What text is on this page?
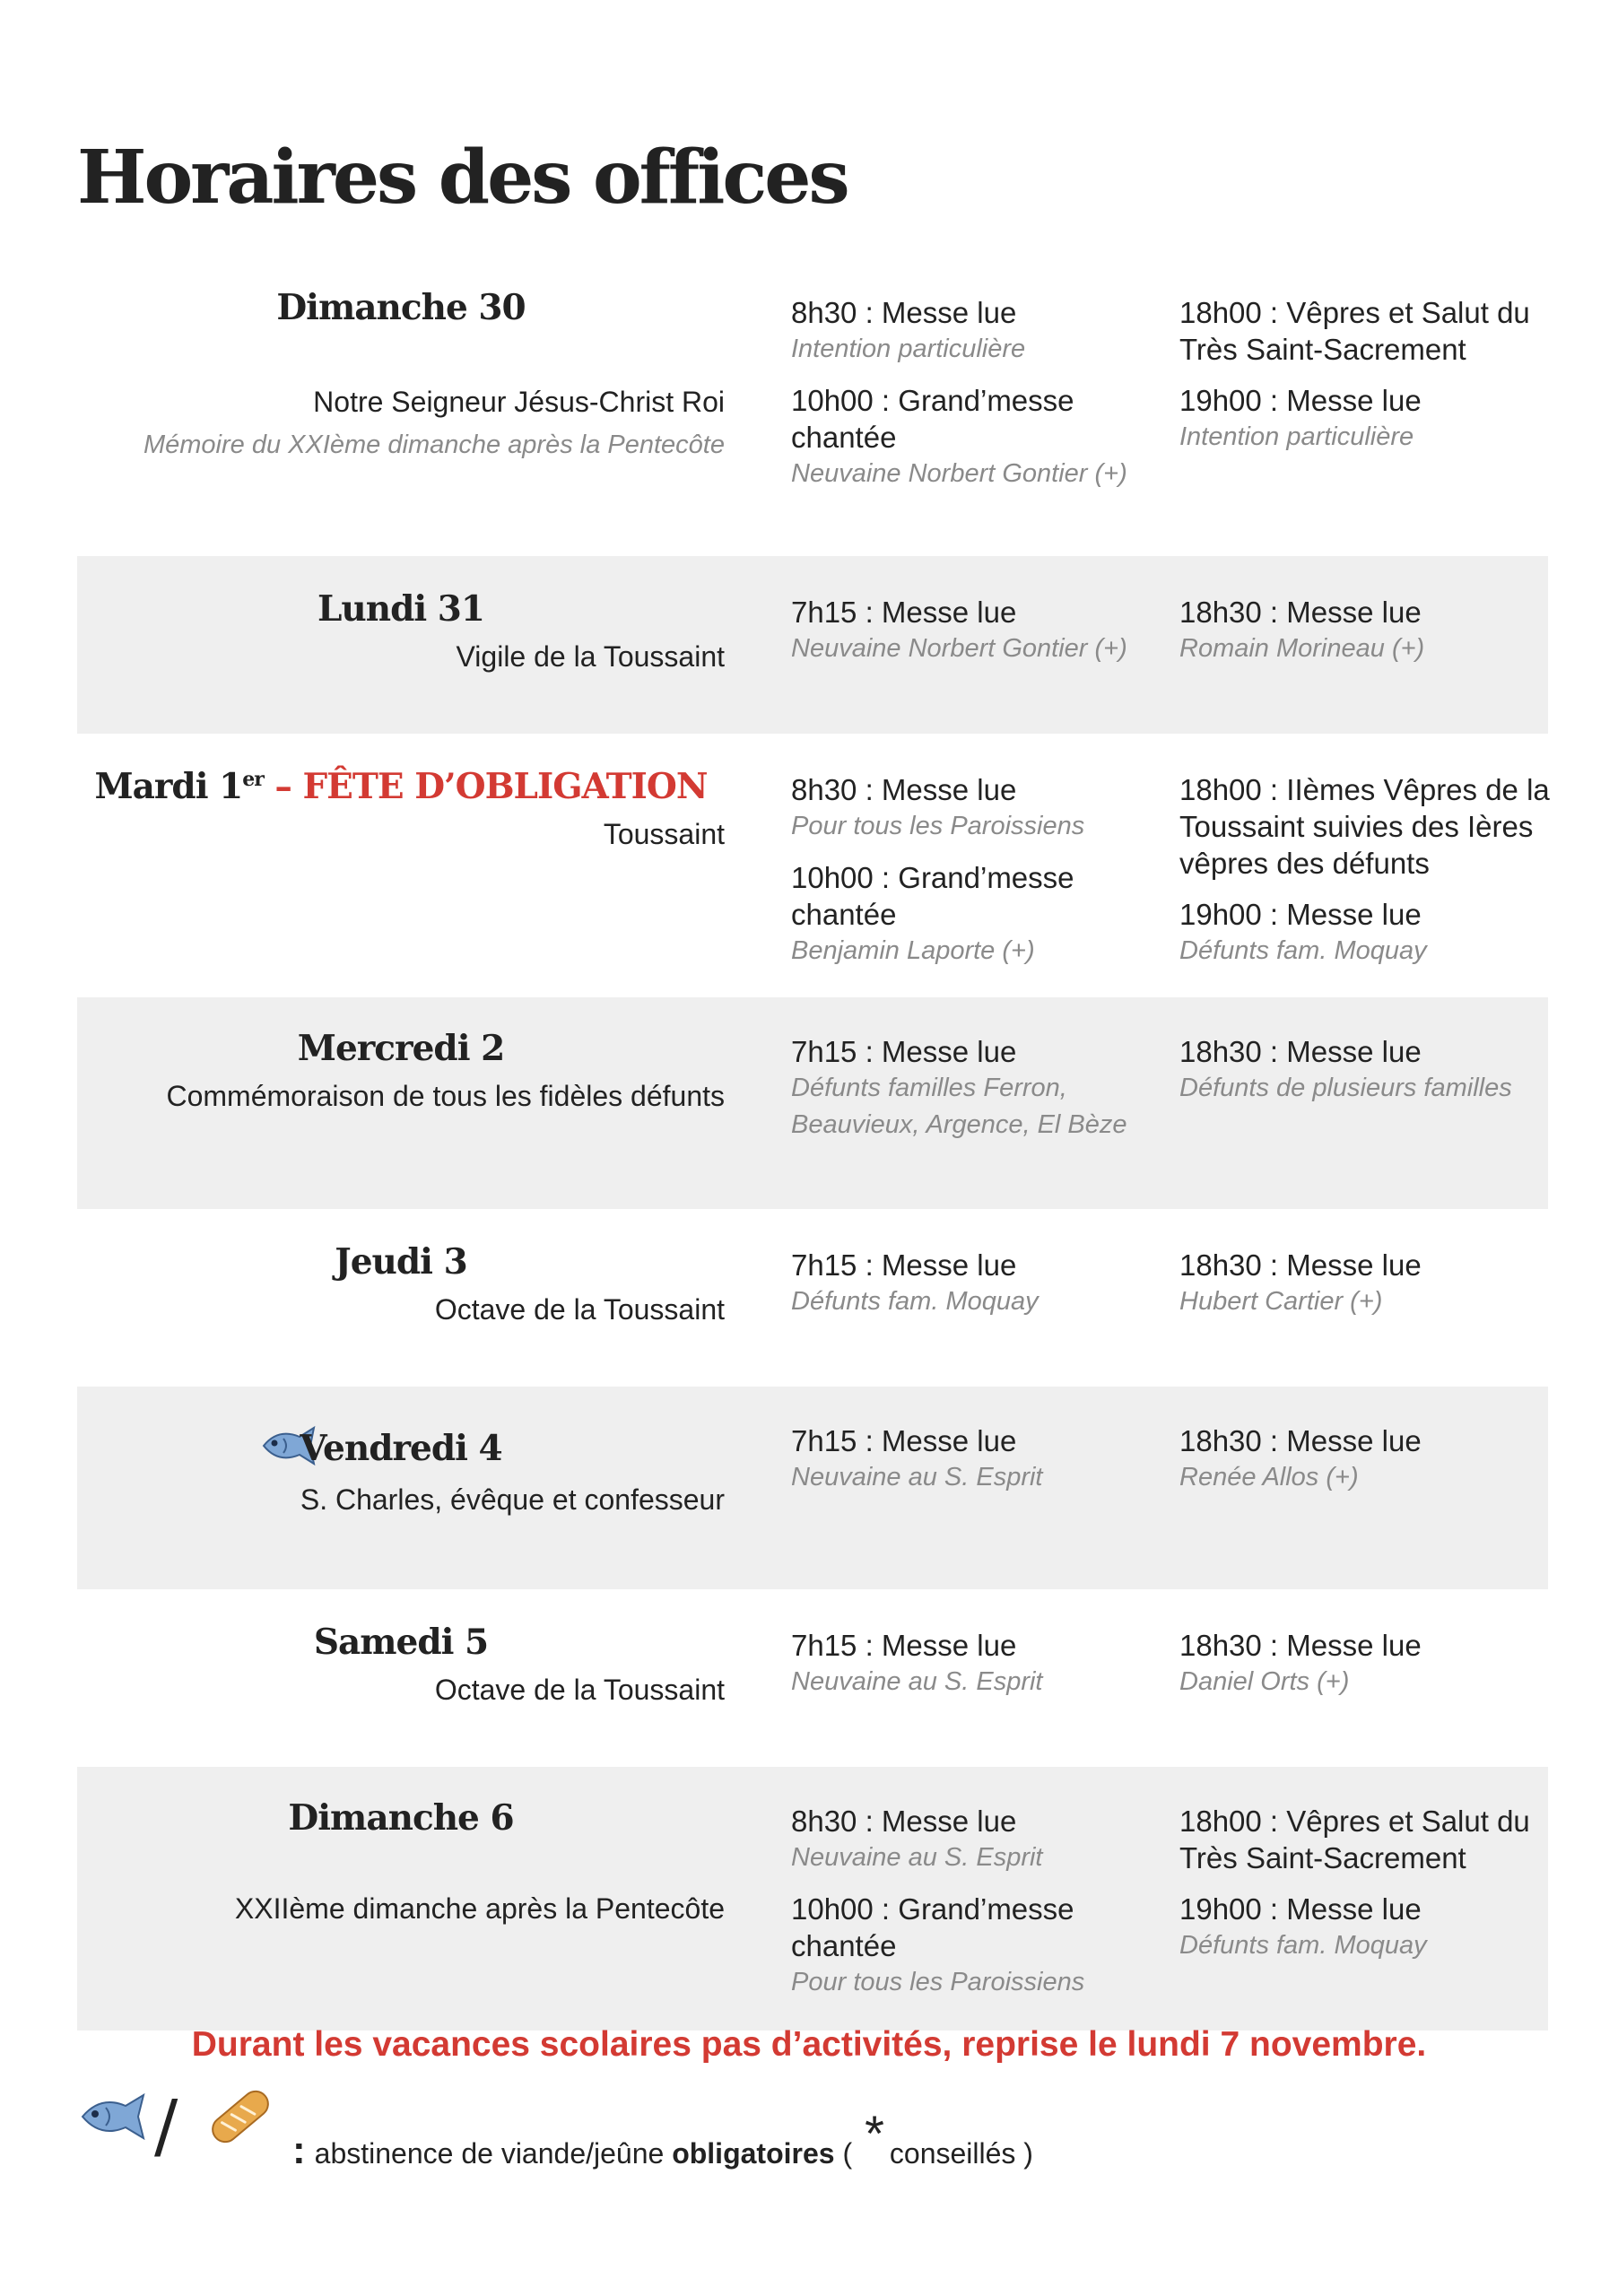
Horaires des offices
Dimanche 30
Notre Seigneur Jésus-Christ Roi
Mémoire du XXIème dimanche après la Pentecôte
8h30 : Messe lue
Intention particulière
10h00 : Grand’messe chantée
Neuvaine Norbert Gontier (+)
18h00 : Vêpres et Salut du Très Saint-Sacrement
19h00 : Messe lue
Intention particulière
Lundi 31
Vigile de la Toussaint
7h15 : Messe lue
Neuvaine Norbert Gontier (+)
18h30 : Messe lue
Romain Morineau (+)
Mardi 1er – FÊTE D’OBLIGATION
Toussaint
8h30 : Messe lue
Pour tous les Paroissiens
10h00 : Grand’messe chantée
Benjamin Laporte (+)
18h00 : IIèmes Vêpres de la Toussaint suivies des Ières vêpres des défunts
19h00 : Messe lue
Défunts fam. Moquay
Mercredi 2
Commémoraison de tous les fidèles défunts
7h15 : Messe lue
Défunts familles Ferron, Beauvieux, Argence, El Bèze
18h30 : Messe lue
Défunts de plusieurs familles
Jeudi 3
Octave de la Toussaint
7h15 : Messe lue
Défunts fam. Moquay
18h30 : Messe lue
Hubert Cartier (+)
Vendredi 4
S. Charles, évêque et confesseur
7h15 : Messe lue
Neuvaine au S. Esprit
18h30 : Messe lue
Renée Allos (+)
Samedi 5
Octave de la Toussaint
7h15 : Messe lue
Neuvaine au S. Esprit
18h30 : Messe lue
Daniel Orts (+)
Dimanche 6
XXIIème dimanche après la Pentecôte
8h30 : Messe lue
Neuvaine au S. Esprit
10h00 : Grand’messe chantée
Pour tous les Paroissiens
18h00 : Vêpres et Salut du Très Saint-Sacrement
19h00 : Messe lue
Défunts fam. Moquay
Durant les vacances scolaires pas d’activités, reprise le lundi 7 novembre.
/	: abstinence de viande/jeûne obligatoires ( * conseillés )
